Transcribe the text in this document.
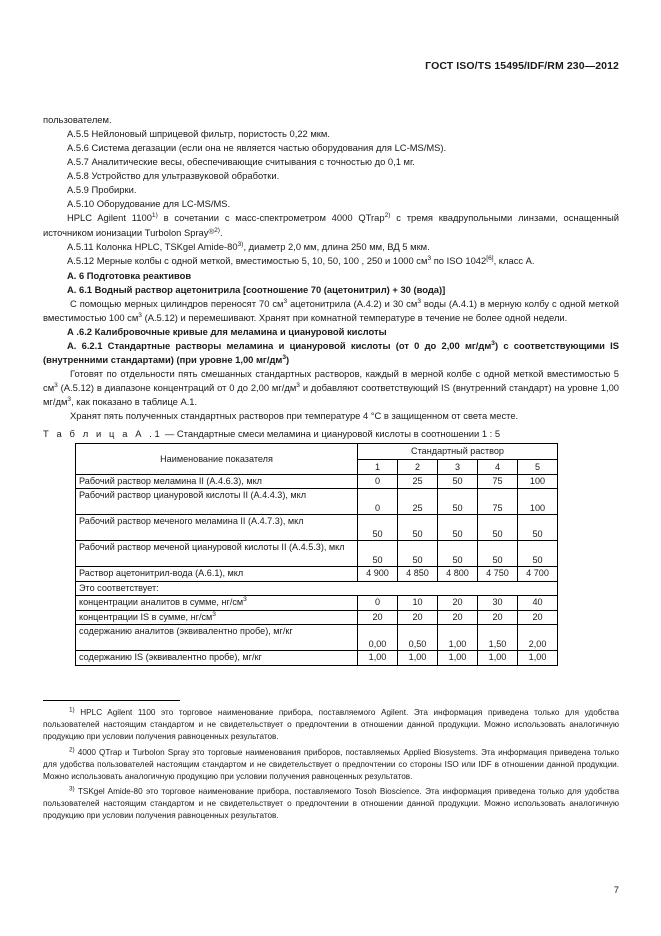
ГОСТ ISO/TS 15495/IDF/RM 230—2012

пользователем.

А.5.5 Нейлоновый шприцевой фильтр, пористость 0,22 мкм.

А.5.6 Система дегазации (если она не является частью оборудования для LC-MS/MS).

А.5.7 Аналитические весы, обеспечивающие считывания с точностью до 0,1 мг.

А.5.8 Устройство для ультразвуковой обработки.

А.5.9 Пробирки.

А.5.10 Оборудование для LC-MS/MS.

HPLC Agilent 1100$^{1)}$ в сочетании с масс-спектрометром 4000 QTrap$^{2)}$ с тремя квадрупольными линзами, оснащенный источником ионизации Turbolon Spray$^{®2)}$.

А.5.11 Колонка HPLC, TSKgel Amide-80$^{3)}$, диаметр 2,0 мм, длина 250 мм, ВД 5 мкм.

А.5.12 Мерные колбы с одной меткой, вместимостью 5, 10, 50, 100 , 250 и 1000 $см^3$ по ISO 1042[6], класс А.

А. 6 Подготовка реактивов

А. 6.1 Водный раствор ацетонитрила [соотношение 70 (ацетонитрил) + 30 (вода)]

С помощью мерных цилиндров переносят 70 $см^3$ ацетонитрила (А.4.2) и 30 $см^3$ воды (А.4.1) в мерную колбу с одной меткой вместимостью 100 $см^3$ (А.5.12) и перемешивают. Хранят при комнатной температуре в течение не более одной недели.

А .6.2 Калибровочные кривые для меламина и циануровой кислоты

А. 6.2.1 Стандартные растворы меламина и циануровой кислоты (от 0 до 2,00 $мг/дм^3$) с соответствующими IS (внутренними стандартами) (при уровне 1,00 $мг/дм^3$)

Готовят по отдельности пять смешанных стандартных растворов, каждый в мерной колбе с одной меткой вместимостью 5 $см^3$ (А.5.12) в диапазоне концентраций от 0 до 2,00 $мг/дм^3$ и добавляют соответствующий IS (внутренний стандарт) на уровне 1,00 $мг/дм^3$, как показано в таблице А.1.

Хранят пять полученных стандартных растворов при температуре 4 °C в защищенном от света месте.

Т а б л и ц а А .1 — Стандартные смеси меламина и циануровой кислоты в соотношении 1 : 5
Наименование показателя	Стандартный раствор				
	1	2	3	4	5
Рабочий раствор меламина II (А.4.6.3), мкл	0	25	50	75	100
Рабочий раствор циануровой кислоты II (А.4.4.3), мкл	0	25	50	75	100
Рабочий раствор меченого меламина II (А.4.7.3), мкл	50	50	50	50	50
Рабочий раствор меченой циануровой кислоты II (А.4.5.3), мкл	50	50	50	50	50
Раствор ацетонитрил-вода (А.6.1), мкл	4 900	4 850	4 800	4 750	4 700
Это соответствует:					
концентрации аналитов в сумме, $нг/см^3$	0	10	20	30	40
концентрации IS в сумме, $нг/см^3$	20	20	20	20	20
содержанию аналитов (эквивалентно пробе), мг/кг	0,00	0,50	1,00	1,50	2,00
содержанию IS (эквивалентно пробе), мг/кг	1,00	1,00	1,00	1,00	1,00

$^{1)}$ HPLC Agilent 1100 это торговое наименование прибора, поставляемого Agilent. Эта информация приведена только для удобства пользователей настоящим стандартом и не свидетельствует о предпочтении в отношении данной продукции. Можно использовать аналогичную продукцию при условии получения равноценных результатов.

$^{2)}$ 4000 QTrap и Turbolon Spray это торговые наименования приборов, поставляемых Applied Biosystems. Эта информация приведена только для удобства пользователей настоящим стандартом и не свидетельствует о предпочтении со стороны ISO или IDF в отношении данной продукции. Можно использовать аналогичную продукцию при условии получения равноценных результатов.

$^{3)}$ TSKgel Amide-80 это торговое наименование прибора, поставляемого Tosoh Bioscience. Эта информация приведена только для удобства пользователей настоящим стандартом и не свидетельствует о предпочтении в отношении данной продукции. Можно использовать аналогичную продукцию при условии получения равноценных результатов.

7
